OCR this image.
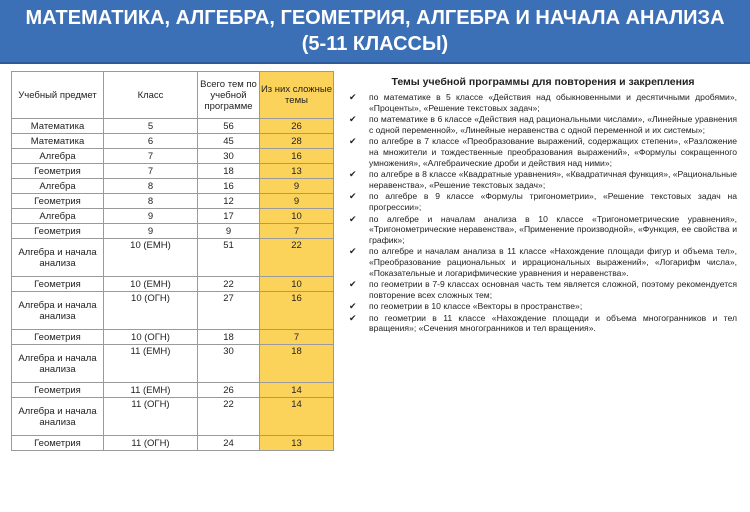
МАТЕМАТИКА, АЛГЕБРА, ГЕОМЕТРИЯ, АЛГЕБРА И НАЧАЛА АНАЛИЗА (5-11 КЛАССЫ)
Учебный предмет	Класс	Всего тем по учебной программе	Из них сложные темы
Математика	5	56	26
Математика	6	45	28
Алгебра	7	30	16
Геометрия	7	18	13
Алгебра	8	16	9
Геометрия	8	12	9
Алгебра	9	17	10
Геометрия	9	9	7
Алгебра и начала анализа	10 (ЕМН)	51	22
Геометрия	10 (ЕМН)	22	10
Алгебра и начала анализа	10 (ОГН)	27	16
Геометрия	10 (ОГН)	18	7
Алгебра и начала анализа	11 (ЕМН)	30	18
Геометрия	11 (ЕМН)	26	14
Алгебра и начала анализа	11 (ОГН)	22	14
Геометрия	11 (ОГН)	24	13
Темы учебной программы для повторения и закрепления
✔	по математике в 5 классе «Действия над обыкновенными и десятичными дробями», «Проценты», «Решение текстовых задач»;
✔	по математике в 6 классе «Действия над рациональными числами», «Линейные уравнения с одной переменной», «Линейные неравенства с одной переменной и их системы»;
✔	по алгебре в 7 классе «Преобразование выражений, содержащих степени», «Разложение на множители и тождественные преобразования выражений», «Формулы сокращенного умножения», «Алгебраические дроби и действия над ними»;
✔	по алгебре в 8 классе «Квадратные уравнения», «Квадратичная функция», «Рациональные неравенства», «Решение текстовых задач»;
✔	по алгебре в 9 классе «Формулы тригонометрии», «Решение текстовых задач на прогрессии»;
✔	по алгебре и началам анализа в 10 классе «Тригонометрические уравнения», «Тригонометрические неравенства», «Применение производной», «Функция, ее свойства и график»;
✔	по алгебре и началам анализа в 11 классе «Нахождение площади фигур и объема тел», «Преобразование рациональных и иррациональных выражений», «Логарифм числа», «Показательные и логарифмические уравнения и неравенства».
✔	по геометрии в 7-9 классах основная часть тем является сложной, поэтому рекомендуется повторение всех сложных тем;
✔	по геометрии в 10 классе «Векторы в пространстве»;
✔	по геометрии в 11 классе «Нахождение площади и объема многогранников и тел вращения»; «Сечения многогранников и тел вращения».
